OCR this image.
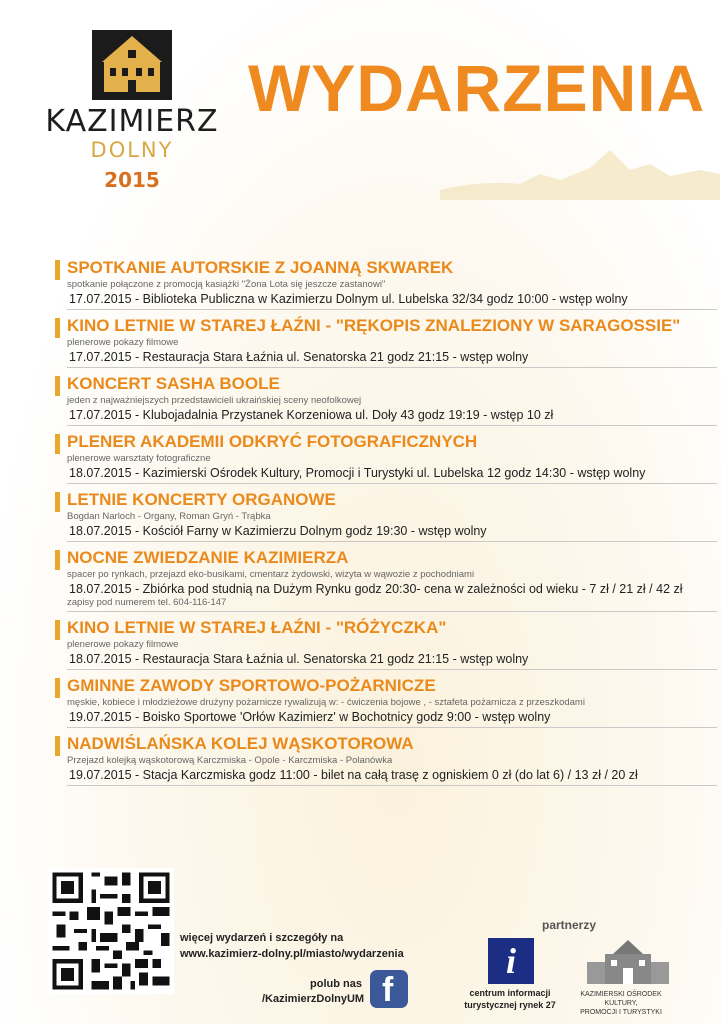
KAZIMIERZ
DOLNY
2015
WYDARZENIA
SPOTKANIE AUTORSKIE Z JOANNĄ SKWAREK
spotkanie połączone z promocją kasiążki "Żona Lota się jeszcze zastanowi"
17.07.2015 - Biblioteka Publiczna w Kazimierzu Dolnym ul. Lubelska 32/34 godz 10:00 - wstęp wolny
KINO LETNIE W STAREJ ŁAŹNI - "RĘKOPIS ZNALEZIONY W SARAGOSSIE"
plenerowe pokazy filmowe
17.07.2015 - Restauracja Stara Łaźnia ul. Senatorska 21 godz 21:15 - wstęp wolny
KONCERT SASHA BOOLE
jeden z najważniejszych przedstawicieli ukraińskiej sceny neofolkowej
17.07.2015 - Klubojadalnia Przystanek Korzeniowa ul. Doły 43 godz 19:19 - wstęp 10 zł
PLENER AKADEMII ODKRYĆ FOTOGRAFICZNYCH
plenerowe warsztaty fotograficzne
18.07.2015 - Kazimierski Ośrodek Kultury, Promocji i Turystyki ul. Lubelska 12 godz 14:30 - wstęp wolny
LETNIE KONCERTY ORGANOWE
Bogdan Narloch - Organy, Roman Gryń - Trąbka
18.07.2015 - Kościół Farny w Kazimierzu Dolnym godz 19:30 - wstęp wolny
NOCNE ZWIEDZANIE KAZIMIERZA
spacer po rynkach, przejazd eko-busikami, cmentarz żydowski, wizyta w wąwozie z pochodniami
18.07.2015 - Zbiórka pod studnią na Dużym Rynku godz 20:30- cena w zależności od wieku - 7 zł / 21 zł / 42 zł
zapisy pod numerem tel. 604-116-147
KINO LETNIE W STAREJ ŁAŹNI - "RÓŻYCZKA"
plenerowe pokazy filmowe
18.07.2015 - Restauracja Stara Łaźnia ul. Senatorska 21 godz 21:15 - wstęp wolny
GMINNE ZAWODY SPORTOWO-POŻARNICZE
męskie, kobiece i młodzieżowe drużyny pożarnicze rywalizują w: - ćwiczenia bojowe , - sztafeta pożarnicza z przeszkodami
19.07.2015 - Boisko Sportowe 'Orłów Kazimierz' w Bochotnicy godz 9:00 - wstęp wolny
NADWIŚLAŃSKA KOLEJ WĄSKOTOROWA
Przejazd kolejką wąskotorową Karczmiska - Opole - Karczmiska - Polanówka
19.07.2015 - Stacja Karczmiska godz 11:00 - bilet na całą trasę z ogniskiem 0 zł (do lat 6) / 13 zł / 20 zł
więcej wydarzeń i szczegóły na
www.kazimierz-dolny.pl/miasto/wydarzenia
polub nas
/KazimierzDolnyUM f
partnerzy
i
centrum informacji
turystycznej rynek 27
KAZIMIERSKI OŚRODEK KULTURY,
PROMOCJI I TURYSTYKI
